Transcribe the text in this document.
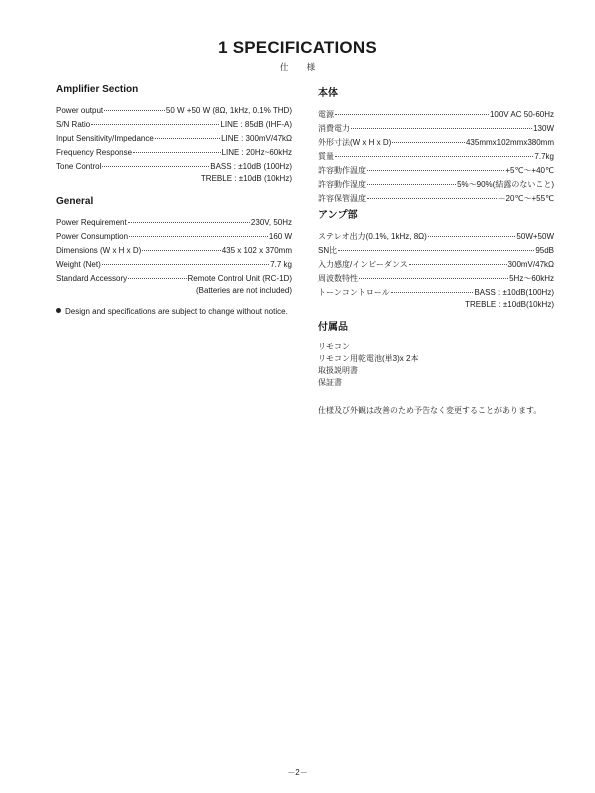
1 SPECIFICATIONS
仕 様
Amplifier Section
Power output	50 W +50 W (8Ω, 1kHz, 0.1% THD)
S/N Ratio	LINE : 85dB (IHF-A)
Input Sensitivity/Impedance	LINE : 300mV/47kΩ
Frequency Response	LINE : 20Hz~60kHz
Tone Control	BASS : ±10dB (100Hz)
TREBLE : ±10dB (10kHz)
General
Power Requirement	230V, 50Hz
Power Consumption	160 W
Dimensions (W x H x D)	435 x 102 x 370mm
Weight (Net)	7.7 kg
Standard Accessory	Remote Control Unit (RC-1D)
(Batteries are not included)
Design and specifications are subject to change without notice.
本体
電源	100V AC 50-60Hz
消費電力	130W
外形寸法(W x H x D)	435mmx102mmx380mm
質量	7.7kg
許容動作温度	+5℃～+40℃
許容動作湿度	5%～90%(結露のないこと)
許容保管温度	－20℃～+55℃
アンプ部
ステレオ出力(0.1%, 1kHz, 8Ω)	50W+50W
SN比	95dB
入力感度/インピーダンス	300mV/47kΩ
周波数特性	5Hz～60kHz
トーンコントロール	BASS : ±10dB(100Hz)
TREBLE : ±10dB(10kHz)
付属品
リモコン
リモコン用乾電池(単3)x 2本
取扱説明書
保証書
仕様及び外観は改善のため予告なく変更することがあります。
－2－
